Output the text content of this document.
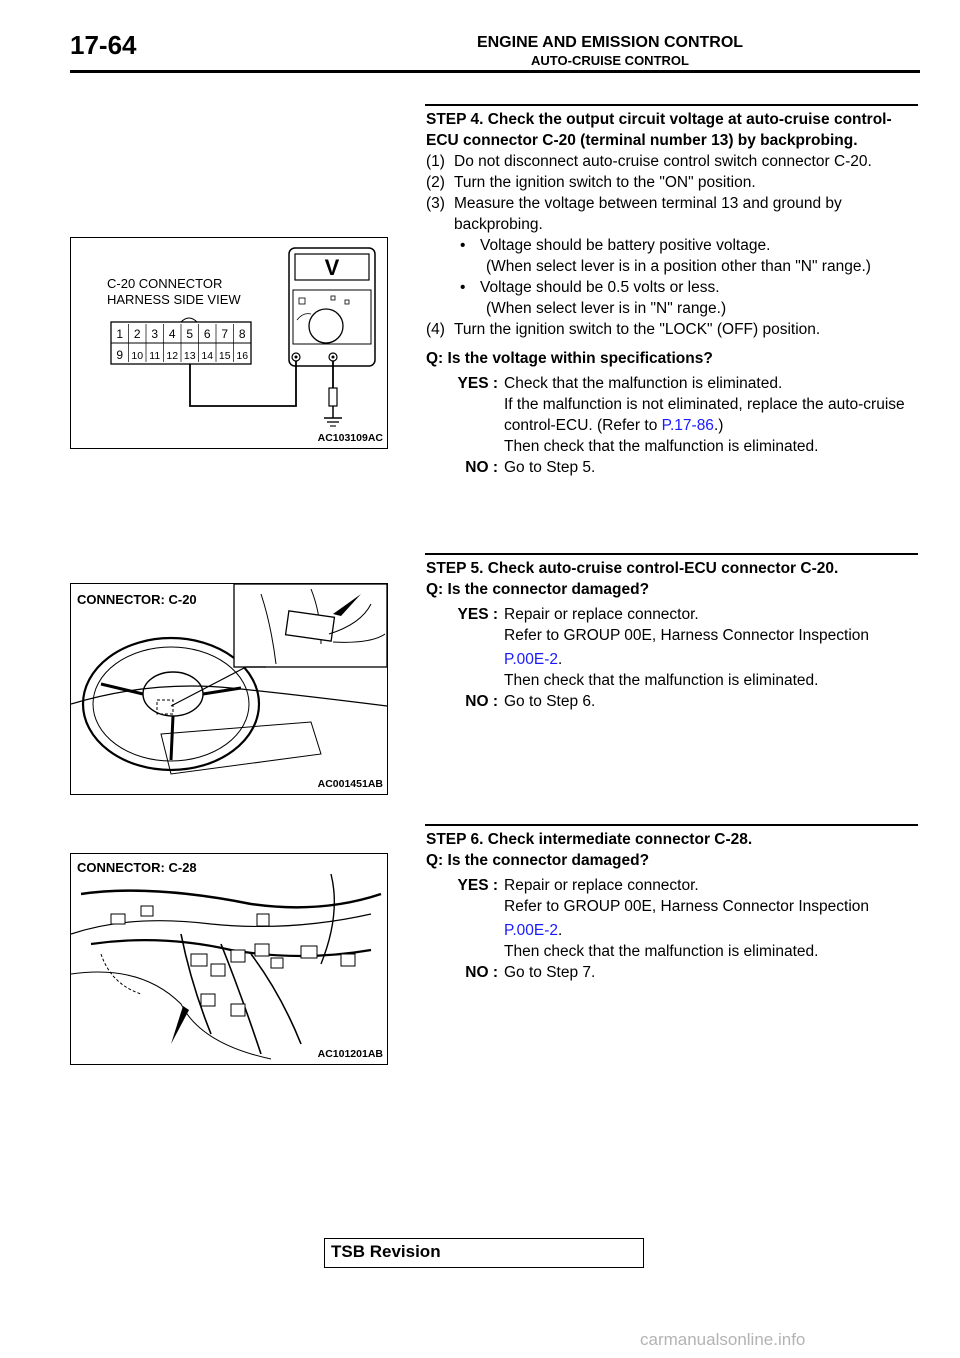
17-64	ENGINE AND EMISSION CONTROL
AUTO-CRUISE CONTROL

STEP 4. Check the output circuit voltage at auto-cruise control-ECU connector C-20 (terminal number 13) by backprobing.

(1) Do not disconnect auto-cruise control switch connector C-20.
(2) Turn the ignition switch to the "ON" position.
(3) Measure the voltage between terminal 13 and ground by backprobing.
• Voltage should be battery positive voltage.
(When select lever is in a position other than "N" range.)
• Voltage should be 0.5 volts or less.
(When select lever is in "N" range.)
(4) Turn the ignition switch to the "LOCK" (OFF) position.

Q: Is the voltage within specifications?

YES : Check that the malfunction is eliminated.
If the malfunction is not eliminated, replace the auto-cruise control-ECU. (Refer to P.17-86.)
Then check that the malfunction is eliminated.
NO : Go to Step 5.

STEP 5. Check auto-cruise control-ECU connector C-20.

Q: Is the connector damaged?

YES : Repair or replace connector.
Refer to GROUP 00E, Harness Connector Inspection
P.00E-2.
Then check that the malfunction is eliminated.
NO : Go to Step 6.

STEP 6. Check intermediate connector C-28.

Q: Is the connector damaged?

YES : Repair or replace connector.
Refer to GROUP 00E, Harness Connector Inspection
P.00E-2.
Then check that the malfunction is eliminated.
NO : Go to Step 7.
V
1 2 3 4 5 6 7 8
9 10 11 12 13 14 15 16
C-20 CONNECTOR
HARNESS SIDE VIEW
AC103109AC
CONNECTOR: C-20
AC001451AB
CONNECTOR: C-28
AC101201AB
TSB Revision
carmanualsonline.info
